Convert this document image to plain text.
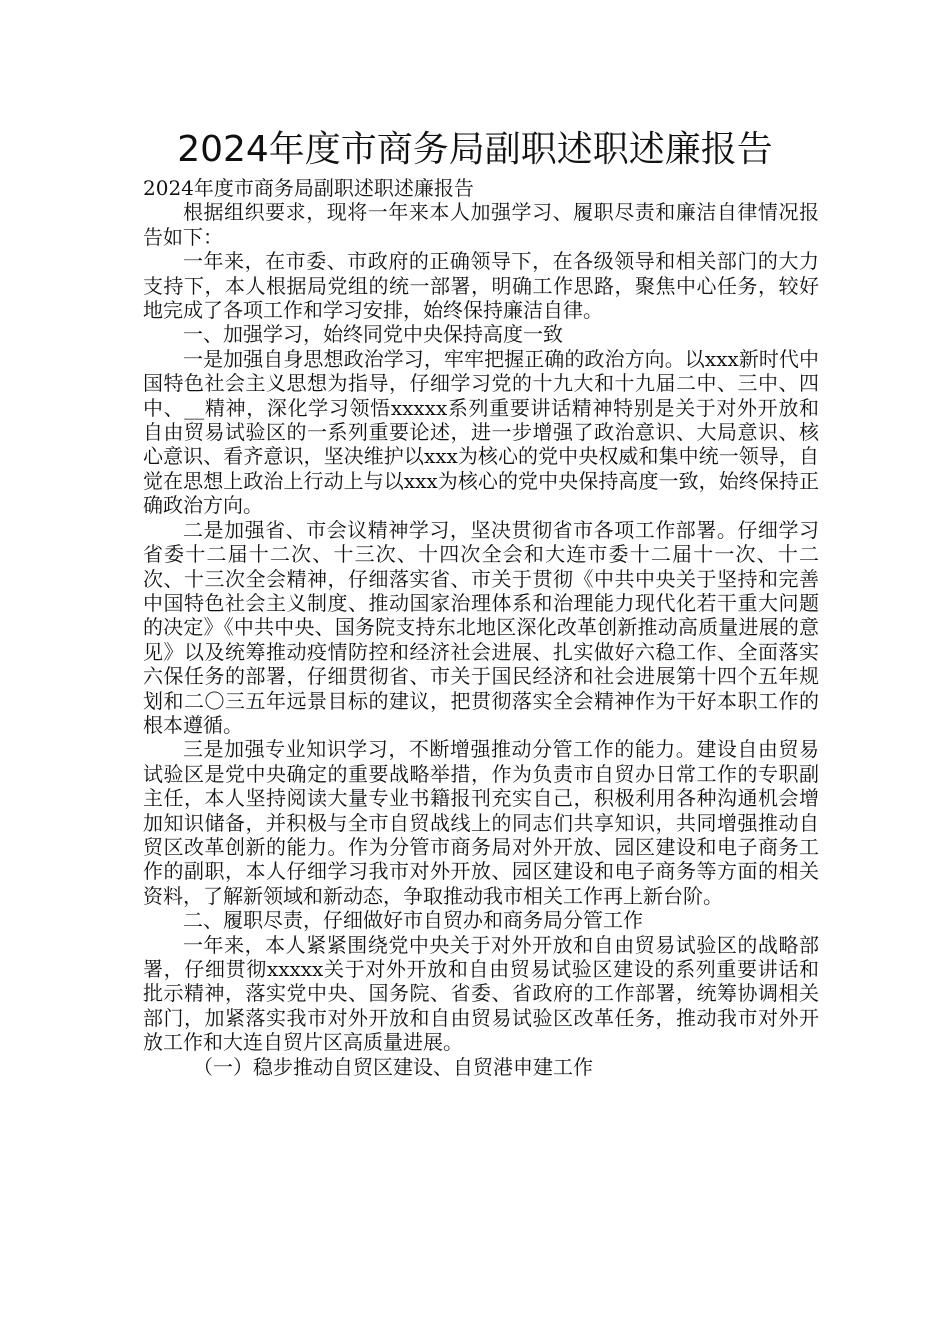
2024年度市商务局副职述职述廉报告

2024年度市商务局副职述职述廉报告

根据组织要求，现将一年来本人加强学习、履职尽责和廉洁自律情况报告如下：

一年来，在市委、市政府的正确领导下，在各级领导和相关部门的大力支持下，本人根据局党组的统一部署，明确工作思路，聚焦中心任务，较好地完成了各项工作和学习安排，始终保持廉洁自律。

一、加强学习，始终同党中央保持高度一致

一是加强自身思想政治学习，牢牢把握正确的政治方向。以xxx新时代中国特色社会主义思想为指导，仔细学习党的十九大和十九届二中、三中、四中、__精神，深化学习领悟xxxxx系列重要讲话精神特别是关于对外开放和自由贸易试验区的一系列重要论述，进一步增强了政治意识、大局意识、核心意识、看齐意识，坚决维护以xxx为核心的党中央权威和集中统一领导，自觉在思想上政治上行动上与以xxx为核心的党中央保持高度一致，始终保持正确政治方向。

二是加强省、市会议精神学习，坚决贯彻省市各项工作部署。仔细学习省委十二届十二次、十三次、十四次全会和大连市委十二届十一次、十二次、十三次全会精神，仔细落实省、市关于贯彻《中共中央关于坚持和完善中国特色社会主义制度、推动国家治理体系和治理能力现代化若干重大问题的决定》《中共中央、国务院支持东北地区深化改革创新推动高质量进展的意见》以及统筹推动疫情防控和经济社会进展、扎实做好六稳工作、全面落实六保任务的部署，仔细贯彻省、市关于国民经济和社会进展第十四个五年规划和二〇三五年远景目标的建议，把贯彻落实全会精神作为干好本职工作的根本遵循。

三是加强专业知识学习，不断增强推动分管工作的能力。建设自由贸易试验区是党中央确定的重要战略举措，作为负责市自贸办日常工作的专职副主任，本人坚持阅读大量专业书籍报刊充实自己，积极利用各种沟通机会增加知识储备，并积极与全市自贸战线上的同志们共享知识，共同增强推动自贸区改革创新的能力。作为分管市商务局对外开放、园区建设和电子商务工作的副职，本人仔细学习我市对外开放、园区建设和电子商务等方面的相关资料，了解新领域和新动态，争取推动我市相关工作再上新台阶。

二、履职尽责，仔细做好市自贸办和商务局分管工作

一年来，本人紧紧围绕党中央关于对外开放和自由贸易试验区的战略部署，仔细贯彻xxxxx关于对外开放和自由贸易试验区建设的系列重要讲话和批示精神，落实党中央、国务院、省委、省政府的工作部署，统筹协调相关部门，加紧落实我市对外开放和自由贸易试验区改革任务，推动我市对外开放工作和大连自贸片区高质量进展。

（一）稳步推动自贸区建设、自贸港申建工作
